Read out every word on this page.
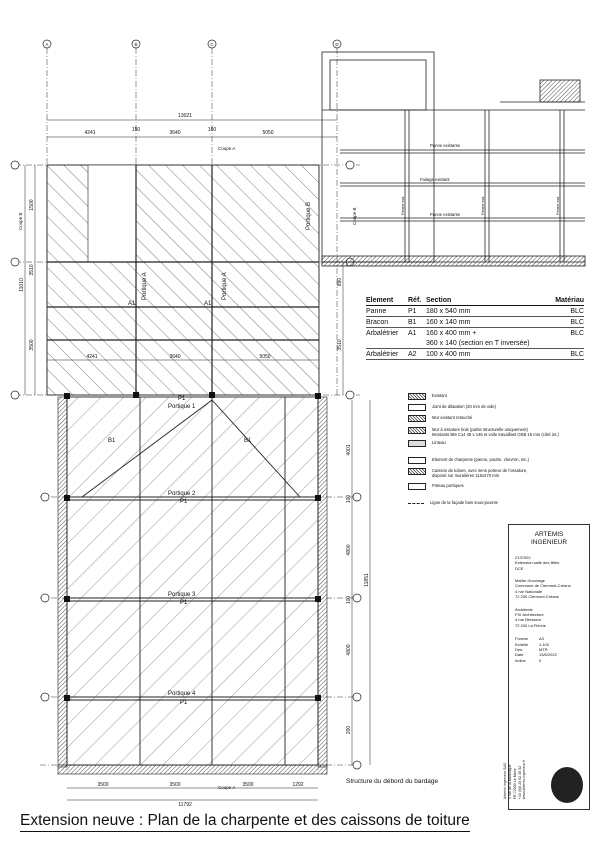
A	B	C	D
13021
4241	150	3640	150	5050
4241	3640	5050
1500
11010
3510
3500
890
3510
4001
100
4800
100
4800
200
11851
3500	3500	3500	1292
11792
Coupe A
Coupe A
Coupe B	Coupe B
Panne existante
Faitage existant
Panne existante
Ferme ext.	Ferme ext.	Ferme ext.
Portique A
Portique B
Portique A
A1	A1
Portique 1
Portique 2
Portique 3
Portique 4
P1
P1
P1
P1
B1	B1
Structure du débord du bardage
Element	Réf. Section	Matériau
Panne	P1	180 x 540 mm	BLC
Bracon	B1	160 x 140 mm	BLC
Arbalétrier	A1	160 x 400 mm +	BLC
360 x 140 (section en T inversée)
Arbalétrier	A2	100 x 400 mm	BLC
Existant
Joint de dilatation (20 mm de vide)
Mur existant retouché
Mur à ossature bois (partie structurelle uniquement)
Montants BM C14 45 x 145 et voile travaillant OSB 15 mm (côté int.)
Linteau
Element de charpente (panne, poutre, chevron, etc.)
Caisson de toiture, avec sens porteur de l'ossature,
disposé sur muralières 115x270 mm
Poteau portiques
Ligne de la façade bois sous-jacente
ARTEMIS
INGENIEUR
2137002
Extension salle des fêtes
DCE
Maître d'ouvrage
Commune de Clermont-Créans
4 rue Nationale
72 200 Clermont-Créans
Architecte
PIX Architecture
4 rue Bresseur
72 200 La Flèche
Format	A3
Echelle	1:100
Des.	MTR
Date	13/6/2022
Indice	0
Artemis Ingenieur SAS
3 rue de la Martinique
FR-72000 Le Mans
+33 (0)6 20 62 35 52
www.artemis-ingenieur.fr
Extension neuve : Plan de la charpente et des caissons de toiture
